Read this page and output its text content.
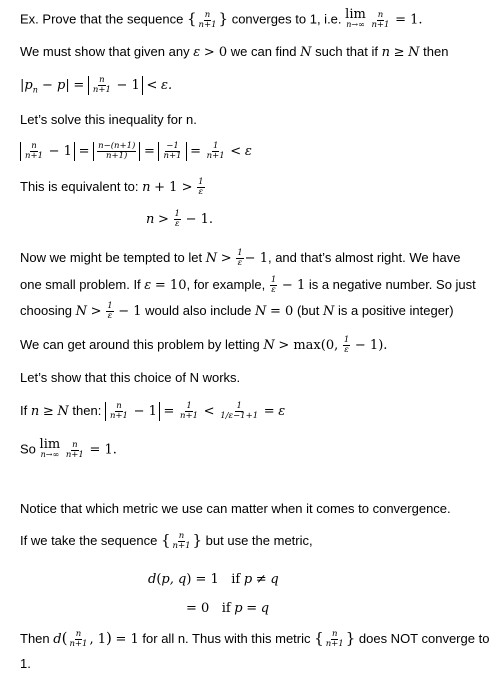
Ex. Prove that the sequence { $\frac{n}{n+1}$ } converges to 1, i.e. lim
n→∞
$\frac{n}{n+1} = 1$.
We must show that given any ε > 0 we can find N such that if n ≥ N then
$|p_n - p| = \frac{n}{n+1} - 1 < \varepsilon$.
Let’s solve this inequality for n.
$\frac{n}{n+1} - 1 = \frac{n-(n+1)}{n+1)} = \frac{-1}{n+1} = \frac{1}{n+1} < \varepsilon$
This is equivalent to: $n + 1 > \frac{1}{\varepsilon}$
$n > \frac{1}{\varepsilon} - 1$.
Now we might be tempted to let $N > \frac{1}{\varepsilon} - 1$, and that’s almost right. We have
one small problem. If ε = 10, for example, $\frac{1}{\varepsilon} - 1$ is a negative number. So just
choosing $N > \frac{1}{\varepsilon} - 1$ would also include N = 0 (but N is a positive integer)
We can get around this problem by letting N > max(0, $\frac{1}{\varepsilon} - 1$).
Let’s show that this choice of N works.
If n ≥ N then: $\frac{n}{n+1} - 1 = \frac{1}{n+1} < \frac{1}{1/\varepsilon-1+1} = \varepsilon$
So lim
n→∞
$\frac{n}{n+1} = 1$.
Notice that which metric we use can matter when it comes to convergence.
If we take the sequence { $\frac{n}{n+1}$ } but use the metric,
d(p, q) = 1   if p ≠ q
= 0   if p = q
Then $d( \frac{n}{n+1}$ , 1) = 1 for all n. Thus with this metric { $\frac{n}{n+1}$ } does NOT converge to
1.
